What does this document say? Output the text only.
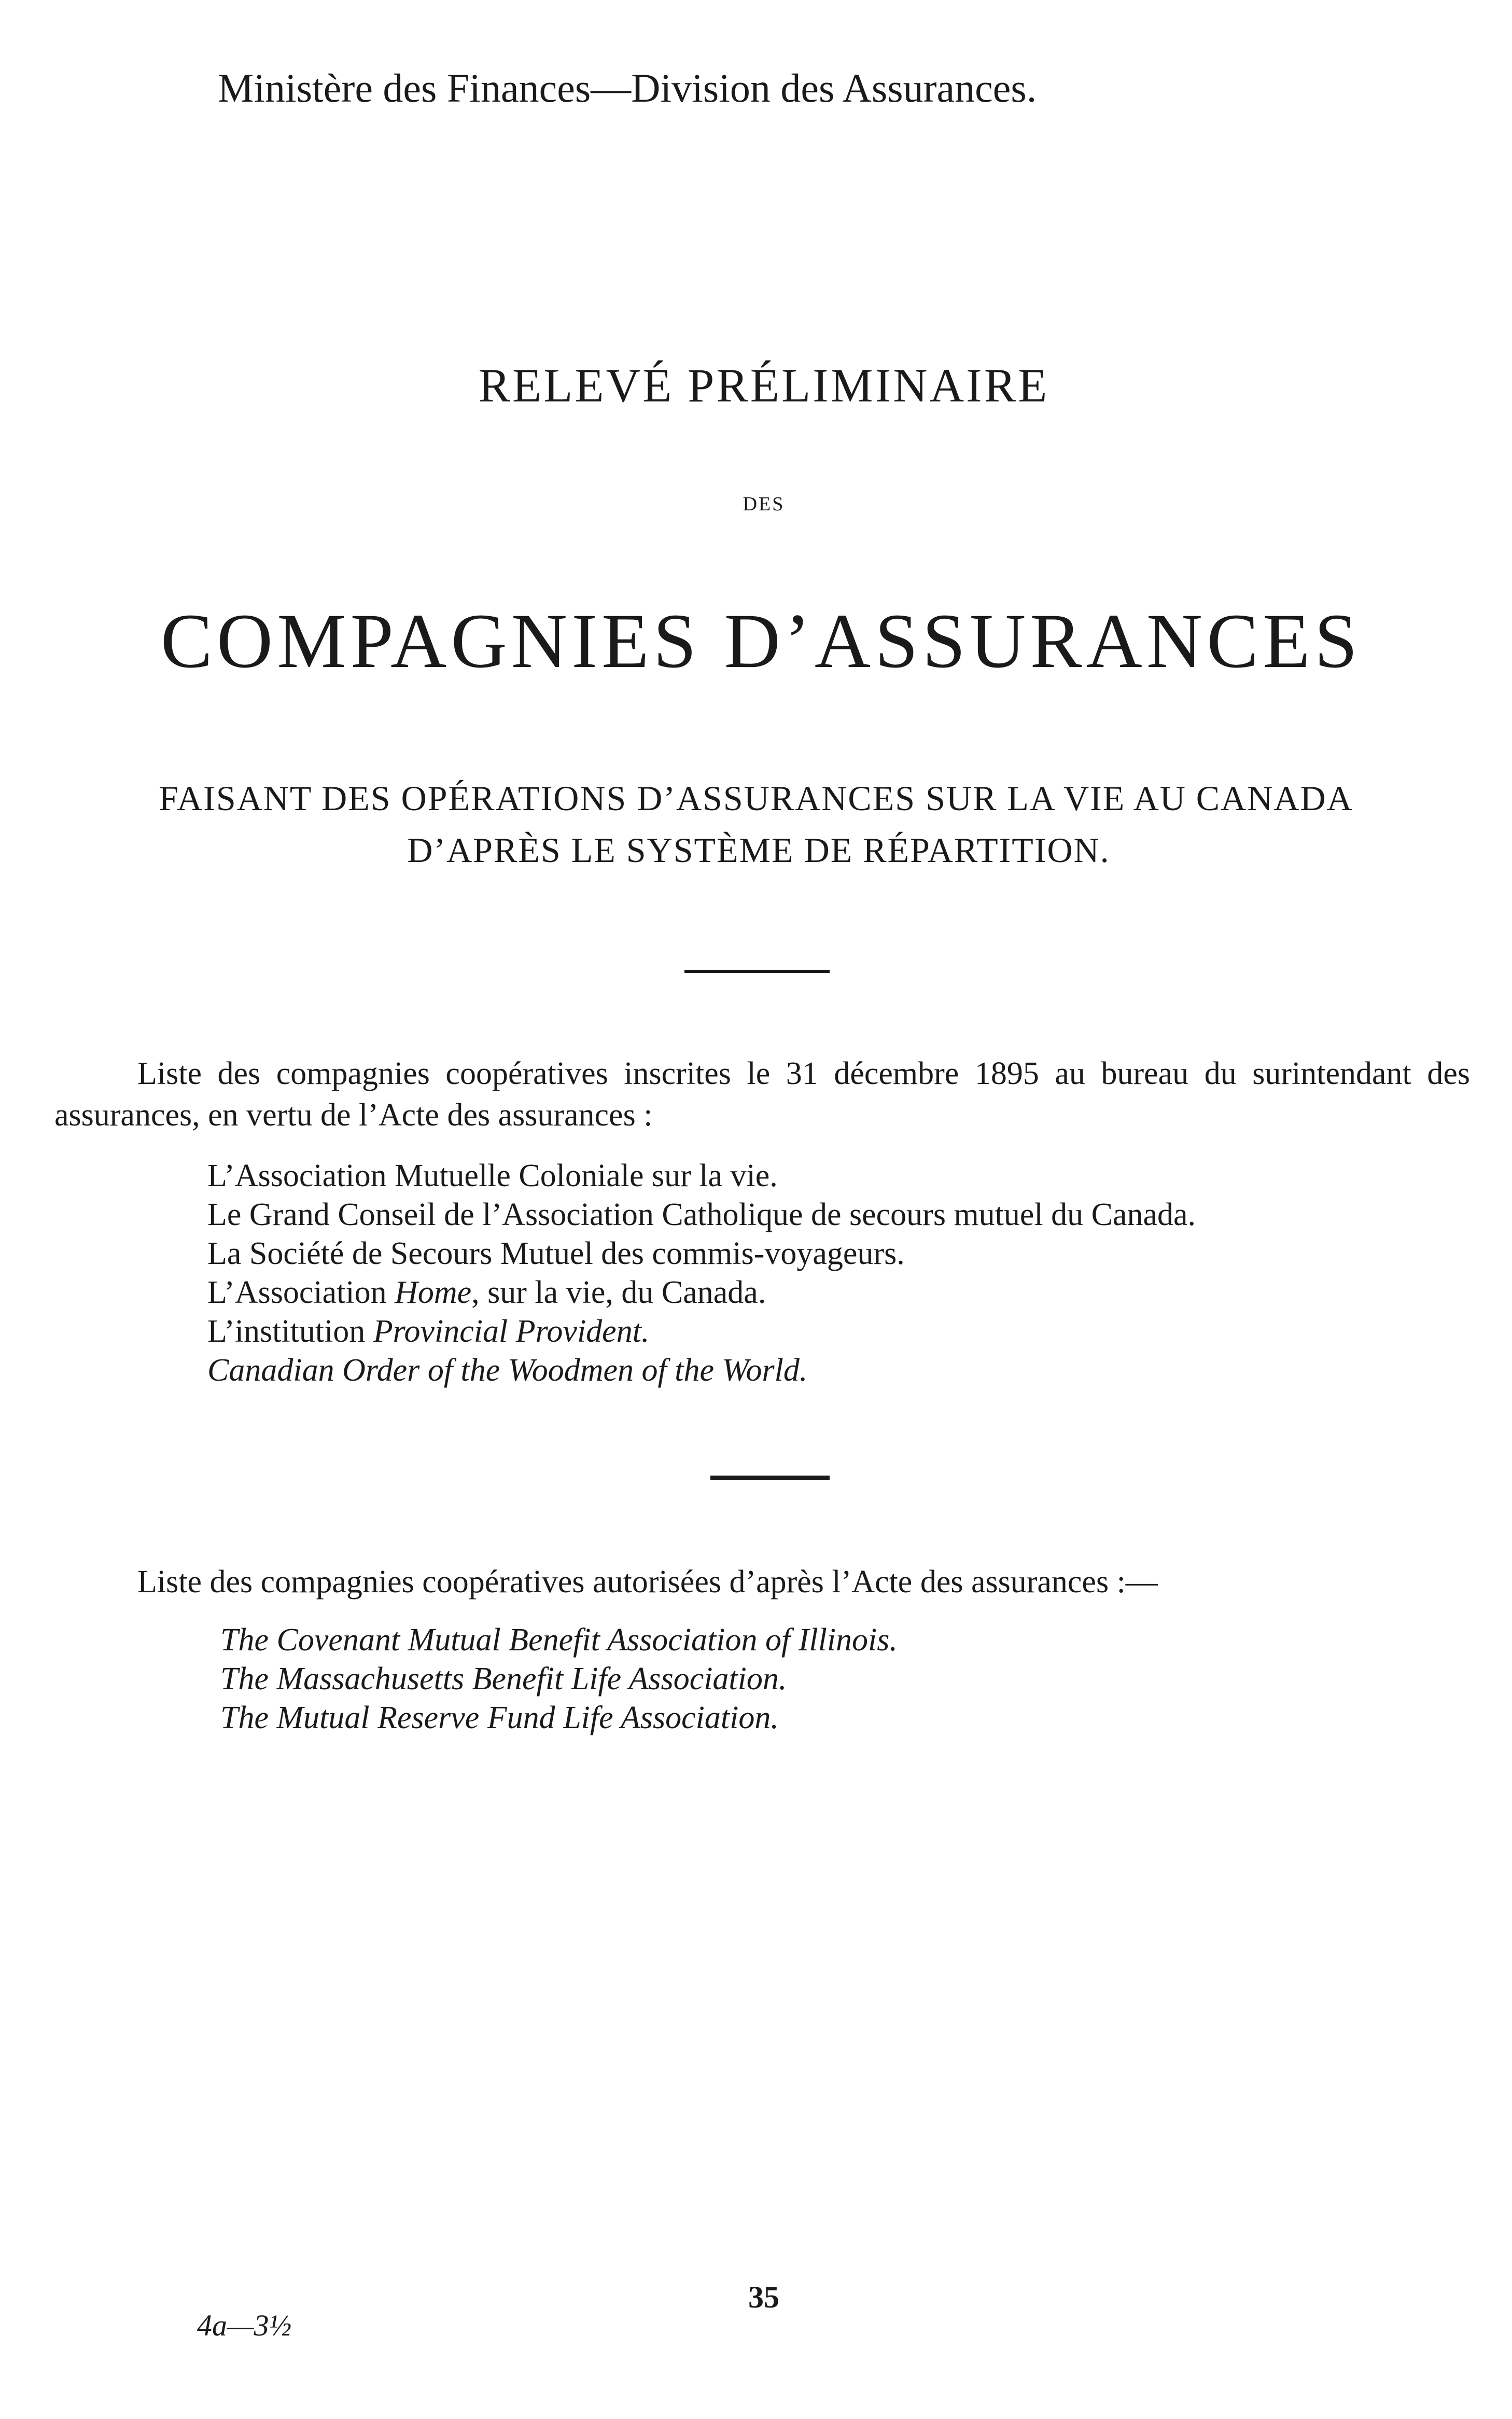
Ministère des Finances—Division des Assurances.
RELEVÉ PRÉLIMINAIRE
DES
COMPAGNIES D’ASSURANCES
FAISANT DES OPÉRATIONS D’ASSURANCES SUR LA VIE AU CANADA
D’APRÈS LE SYSTÈME DE RÉPARTITION.

Liste des compagnies coopératives inscrites le 31 décembre 1895 au bureau du surintendant des assurances, en vertu de l’Acte des assurances :

L’Association Mutuelle Coloniale sur la vie.
Le Grand Conseil de l’Association Catholique de secours mutuel du Canada.
La Société de Secours Mutuel des commis-voyageurs.
L’Association Home, sur la vie, du Canada.
L’institution Provincial Provident.
Canadian Order of the Woodmen of the World.

Liste des compagnies coopératives autorisées d’après l’Acte des assurances :—

The Covenant Mutual Benefit Association of Illinois.
The Massachusetts Benefit Life Association.
The Mutual Reserve Fund Life Association.
35
4a—3½
